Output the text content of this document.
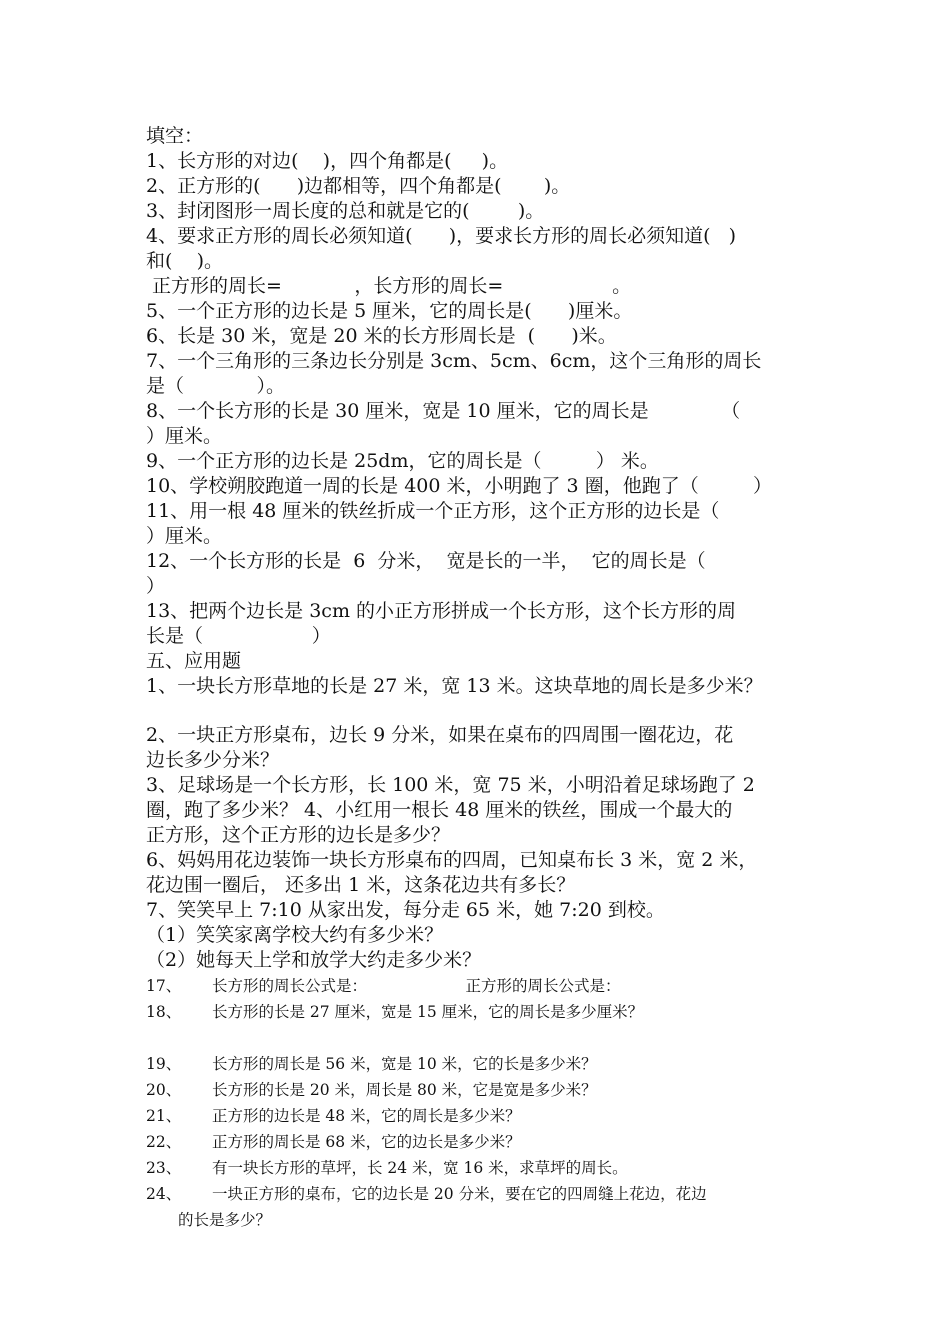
填空：

1、长方形的对边(    )，四个角都是(     )。

2、正方形的(      )边都相等，四个角都是(       )。

3、封闭图形一周长度的总和就是它的(        )。

4、要求正方形的周长必须知道(      )，要求长方形的周长必须知道(   )

和(    )。

正方形的周长=            ，长方形的周长=                  。

5、一个正方形的边长是 5 厘米，它的周长是(      )厘米。

6、长是 30 米，宽是 20 米的长方形周长是  (      )米。

7、一个三角形的三条边长分别是 3cm、5cm、6cm，这个三角形的周长

是（            ）。

8、一个长方形的长是 30 厘米，宽是 10 厘米，它的周长是            （

）厘米。

9、一个正方形的边长是 25dm，它的周长是（         ） 米。

10、学校朔胶跑道一周的长是 400 米，小明跑了 3 圈，他跑了（         ）

11、用一根 48 厘米的铁丝折成一个正方形，这个正方形的边长是（

）厘米。

12、一个长方形的长是  6  分米，  宽是长的一半，  它的周长是（

）

13、把两个边长是 3cm 的小正方形拼成一个长方形，这个长方形的周

长是（                  ）

五、应用题

1、一块长方形草地的长是 27 米，宽 13 米。这块草地的周长是多少米？

2、一块正方形桌布，边长 9 分米，如果在桌布的四周围一圈花边，花

边长多少分米？

3、足球场是一个长方形，长 100 米，宽 75 米，小明沿着足球场跑了 2

圈，跑了多少米？ 4、小红用一根长 48 厘米的铁丝，围成一个最大的

正方形，这个正方形的边长是多少？

6、妈妈用花边装饰一块长方形桌布的四周，已知桌布长 3 米，宽 2 米，

花边围一圈后， 还多出 1 米，这条花边共有多长？

7、笑笑早上 7:10 从家出发，每分走 65 米，她 7:20 到校。

（1）笑笑家离学校大约有多少米？

（2）她每天上学和放学大约走多少米？

17、 长方形的周长公式是：                    正方形的周长公式是：

18、 长方形的长是 27 厘米，宽是 15 厘米，它的周长是多少厘米？

19、 长方形的周长是 56 米，宽是 10 米，它的长是多少米？

20、 长方形的长是 20 米，周长是 80 米，它是宽是多少米？

21、 正方形的边长是 48 米，它的周长是多少米？

22、 正方形的周长是 68 米，它的边长是多少米？

23、 有一块长方形的草坪，长 24 米，宽 16 米，求草坪的周长。

24、 一块正方形的桌布，它的边长是 20 分米，要在它的四周缝上花边，花边

的长是多少？
